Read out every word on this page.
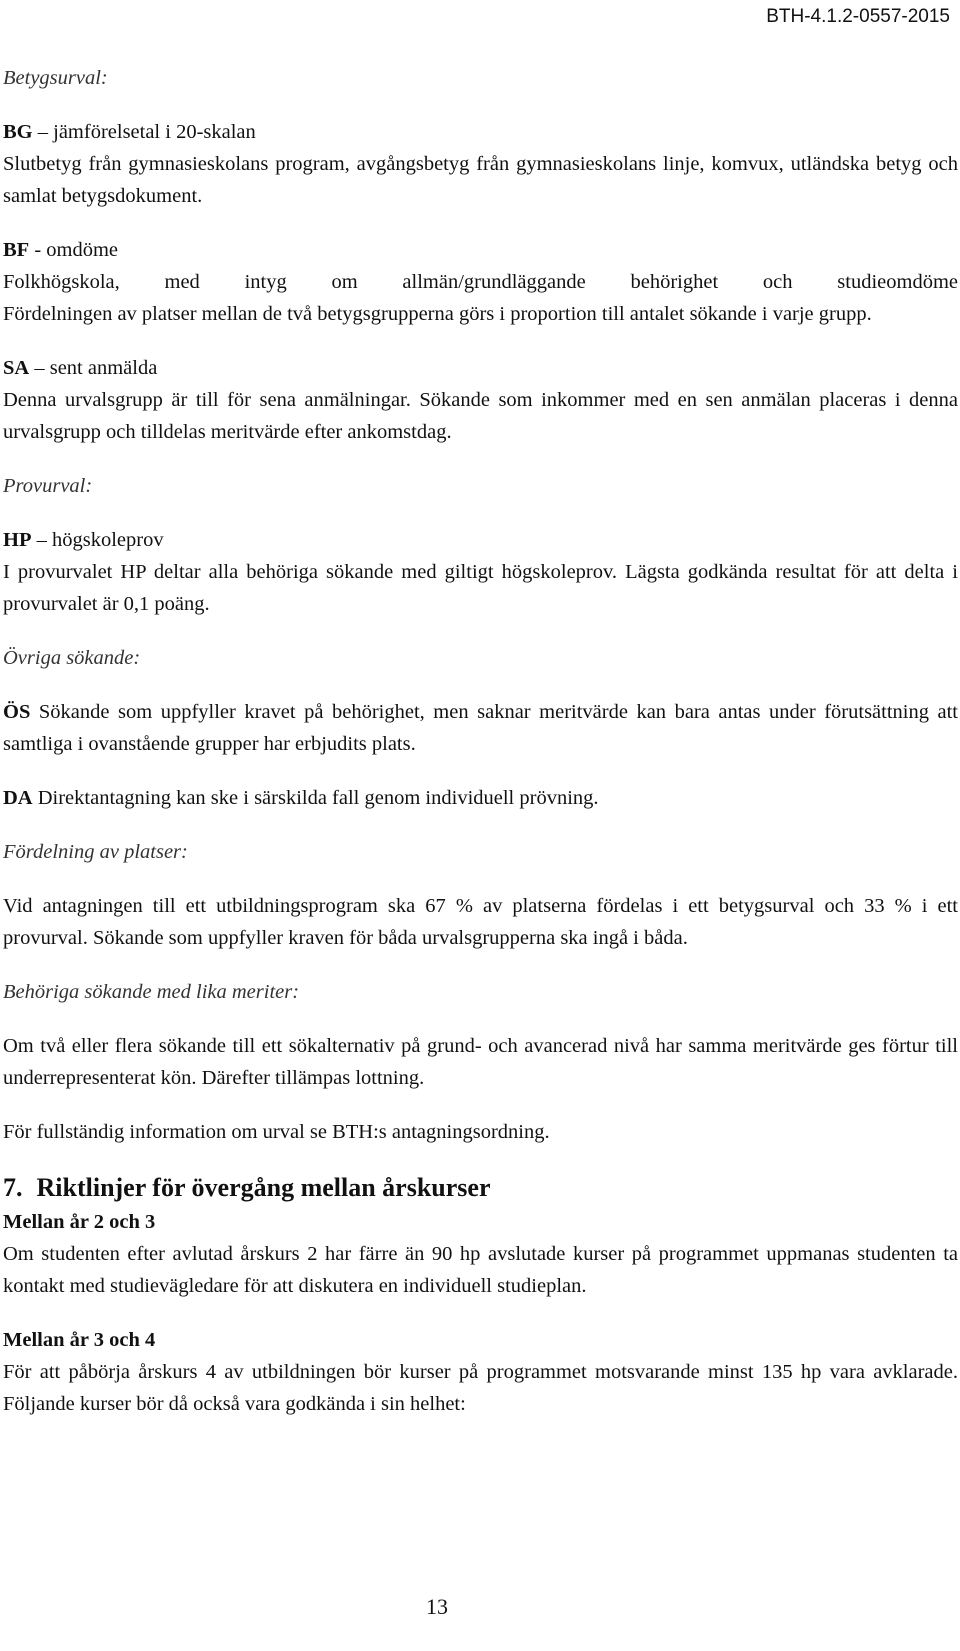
BTH-4.1.2-0557-2015

Betygsurval:

BG – jämförelsetal i 20-skalan

Slutbetyg från gymnasieskolans program, avgångsbetyg från gymnasieskolans linje, komvux, utländska betyg och samlat betygsdokument.

BF - omdöme

Folkhögskola, med intyg om allmän/grundläggande behörighet och studieomdöme

Fördelningen av platser mellan de två betygsgrupperna görs i proportion till antalet sökande i varje grupp.

SA – sent anmälda

Denna urvalsgrupp är till för sena anmälningar. Sökande som inkommer med en sen anmälan placeras i denna urvalsgrupp och tilldelas meritvärde efter ankomstdag.

Provurval:

HP – högskoleprov

I provurvalet HP deltar alla behöriga sökande med giltigt högskoleprov. Lägsta godkända resultat för att delta i provurvalet är 0,1 poäng.

Övriga sökande:

ÖS Sökande som uppfyller kravet på behörighet, men saknar meritvärde kan bara antas under förutsättning att samtliga i ovanstående grupper har erbjudits plats.

DA Direktantagning kan ske i särskilda fall genom individuell prövning.

Fördelning av platser:

Vid antagningen till ett utbildningsprogram ska 67 % av platserna fördelas i ett betygsurval och 33 % i ett provurval. Sökande som uppfyller kraven för båda urvalsgrupperna ska ingå i båda.

Behöriga sökande med lika meriter:

Om två eller flera sökande till ett sökalternativ på grund- och avancerad nivå har samma meritvärde ges förtur till underrepresenterat kön. Därefter tillämpas lottning.

För fullständig information om urval se BTH:s antagningsordning.

7. Riktlinjer för övergång mellan årskurser

Mellan år 2 och 3

Om studenten efter avlutad årskurs 2 har färre än 90 hp avslutade kurser på programmet uppmanas studenten ta kontakt med studievägledare för att diskutera en individuell studieplan.

Mellan år 3 och 4

För att påbörja årskurs 4 av utbildningen bör kurser på programmet motsvarande minst 135 hp vara avklarade. Följande kurser bör då också vara godkända i sin helhet:

13
